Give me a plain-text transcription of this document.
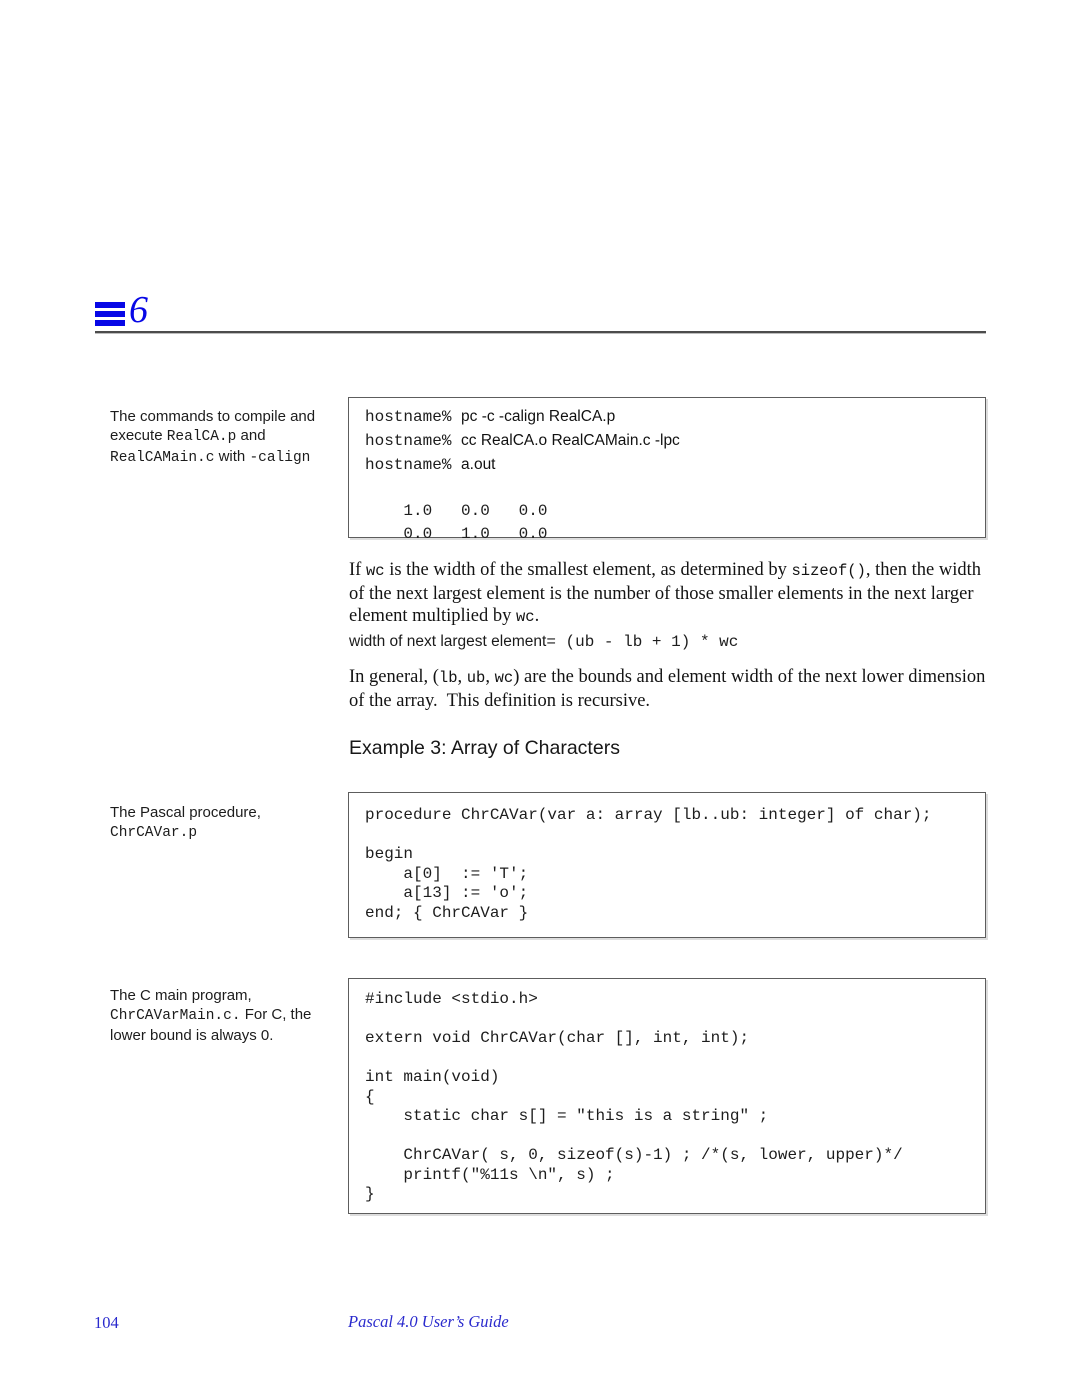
6
The commands to compile and execute RealCA.p and RealCAMain.c with -calign
hostname% pc -c -calign RealCA.p
hostname% cc RealCA.o RealCAMain.c -lpc
hostname% a.out

1.0   0.0   0.0
0.0   1.0   0.0
If wc is the width of the smallest element, as determined by sizeof(), then the width of the next largest element is the number of those smaller elements in the next larger element multiplied by wc.
width of next largest element= (ub - lb + 1) * wc
In general, (lb, ub, wc) are the bounds and element width of the next lower dimension of the array.  This definition is recursive.
Example 3: Array of Characters
The Pascal procedure, ChrCAVar.p
procedure ChrCAVar(var a: array [lb..ub: integer] of char);

begin
a[0]  := 'T';
a[13] := 'o';
end; { ChrCAVar }
The C main program, ChrCAVarMain.c. For C, the lower bound is always 0.
#include <stdio.h>

extern void ChrCAVar(char [], int, int);

int main(void)
{
static char s[] = "this is a string" ;

ChrCAVar( s, 0, sizeof(s)-1) ; /*(s, lower, upper)*/
printf("%11s \n", s) ;
}
104	Pascal 4.0 User’s Guide
